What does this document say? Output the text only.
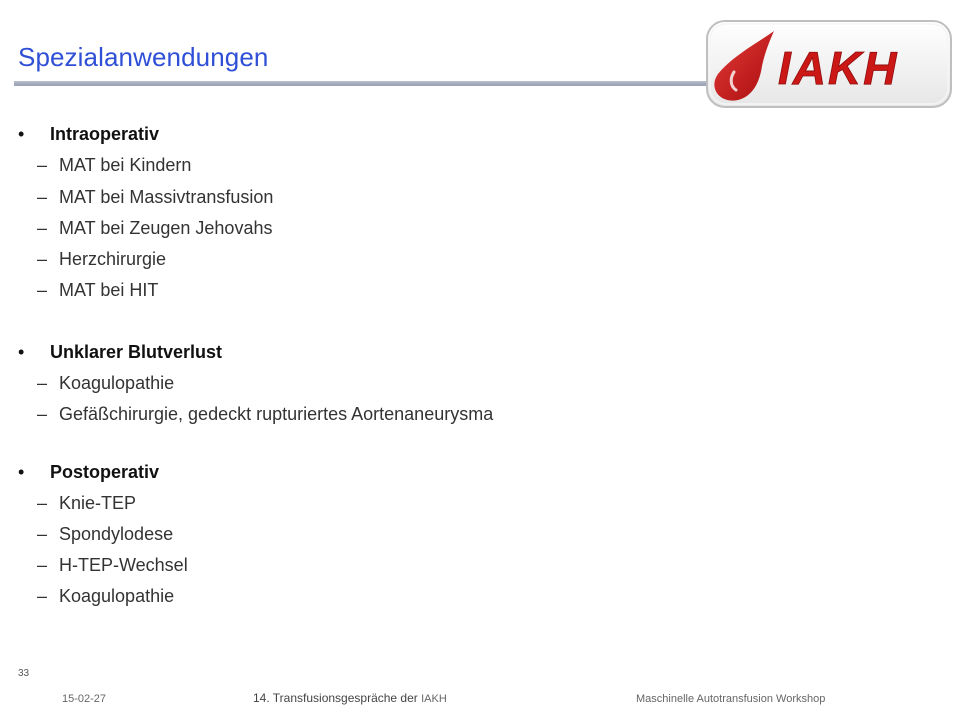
Spezialanwendungen	IAKH
• Intraoperativ
– MAT bei Kindern
– MAT bei Massivtransfusion
– MAT bei Zeugen Jehovahs
– Herzchirurgie
– MAT bei HIT
• Unklarer Blutverlust
– Koagulopathie
– Gefäßchirurgie, gedeckt rupturiertes Aortenaneurysma
• Postoperativ
– Knie-TEP
– Spondylodese
– H-TEP-Wechsel
– Koagulopathie
33
15-02-27	14. Transfusionsgespräche der IAKH	Maschinelle Autotransfusion Workshop
